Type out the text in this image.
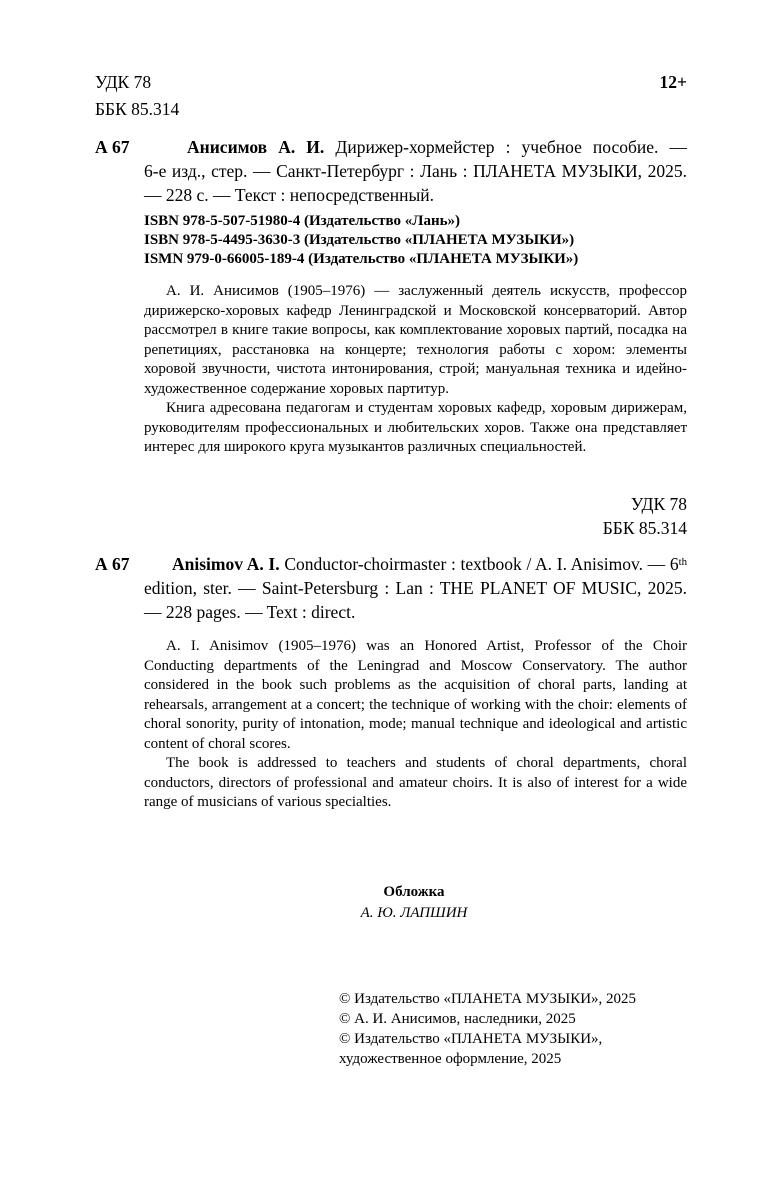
УДК 78
ББК 85.314
12+
А 67	Анисимов А. И. Дирижер-хормейстер : учебное пособие. —
6-е изд., стер. — Санкт-Петербург : Лань : ПЛАНЕТА МУЗЫКИ, 2025. — 228 с. — Текст : непосредственный.
ISBN 978-5-507-51980-4 (Издательство «Лань»)
ISBN 978-5-4495-3630-3 (Издательство «ПЛАНЕТА МУЗЫКИ»)
ISMN 979-0-66005-189-4 (Издательство «ПЛАНЕТА МУЗЫКИ»)

А. И. Анисимов (1905–1976) — заслуженный деятель искусств, профессор дирижерско-хоровых кафедр Ленинградской и Московской консерваторий. Автор рассмотрел в книге такие вопросы, как комплектование хоровых партий, посадка на репетициях, расстановка на концерте; технология работы с хором: элементы хоровой звучности, чистота интонирования, строй; мануальная техника и идейно-художественное содержание хоровых партитур.

Книга адресована педагогам и студентам хоровых кафедр, хоровым дирижерам, руководителям профессиональных и любительских хоров. Также она представляет интерес для широкого круга музыкантов различных специальностей.

УДК 78
ББК 85.314
А 67	Anisimov A. I. Conductor-choirmaster : textbook / A. I. Anisimov. — 6th edition, ster. — Saint-Petersburg : Lan : THE PLANET OF MUSIC, 2025. — 228 pages. — Text : direct.

A. I. Anisimov (1905–1976) was an Honored Artist, Professor of the Choir Conducting departments of the Leningrad and Moscow Conservatory. The author considered in the book such problems as the acquisition of choral parts, landing at rehearsals, arrangement at a concert; the technique of working with the choir: elements of choral sonority, purity of intonation, mode; manual technique and ideological and artistic content of choral scores.

The book is addressed to teachers and students of choral departments, choral conductors, directors of professional and amateur choirs. It is also of interest for a wide range of musicians of various specialties.

Обложка
А. Ю. ЛАПШИН
© Издательство «ПЛАНЕТА МУЗЫКИ», 2025
© А. И. Анисимов, наследники, 2025
© Издательство «ПЛАНЕТА МУЗЫКИ»,
художественное оформление, 2025
